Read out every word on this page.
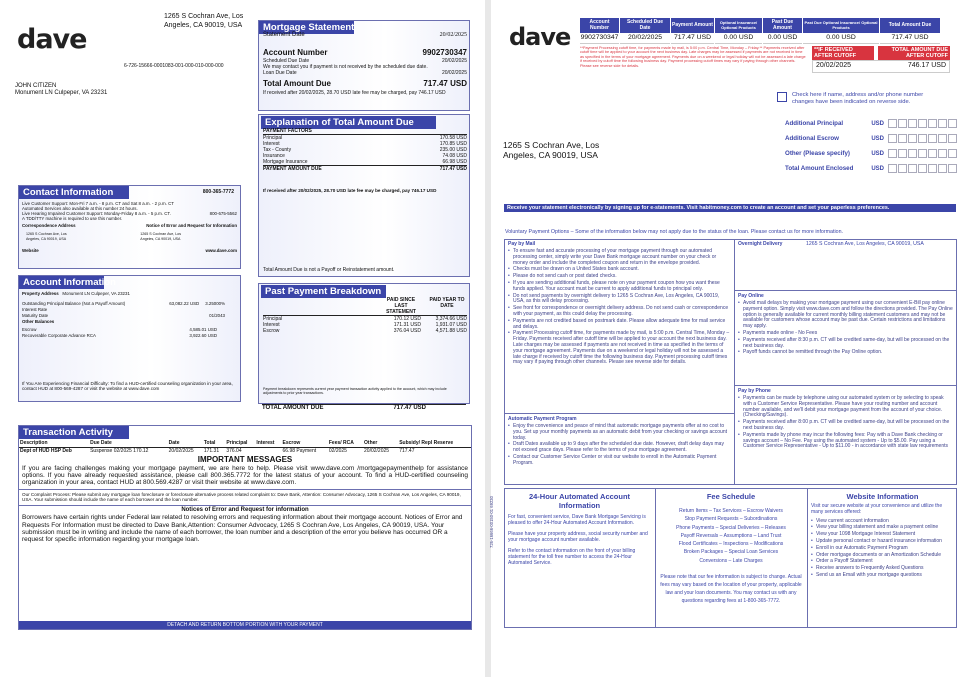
dave
1265 S Cochran Ave, Los
Angeles, CA 90019, USA
6-726-15666-0001083-001-000-010-000-000
JOHN CITIZEN
Monument LN Culpeper, VA 23231
Mortgage Statement
Statement Date	20/02/2025
Account Number	9902730347
Scheduled Due Date	20/02/2025
We may contact you if payment is not received by the scheduled due date.
Loan Due Date	20/02/2025
Total Amount Due	717.47 USD
If received after 20/02/2025, 28.70 USD late fee may be charged, pay 746.17 USD
Explanation of Total Amount Due
PAYMENT FACTORS
Principal	170.58 USD
Interest	170.85 USD
Tax - County	235.00 USD
Insurance	74.08 USD
Mortgage Insurance	66.98 USD
PAYMENT AMOUNT DUE	717.47 USD
If received after 20/02/2025, 28.70 USD late fee may be charged, pay 746.17 USD
Total Amount Due is not a Payoff or Reinstatement amount.
Contact Information	800-365-7772
Live Customer Support: Mon-Fri 7 a.m. - 8 p.m. CT and Sat 8 a.m. - 2 p.m. CT
Automated Services also available at this number 24 hours.
Live Hearing Impaired Customer Support: Monday-Friday 8 a.m. - 5 p.m. CT.	800-675-5562
A TDD/TTY machine is required to use this number.
Correspondence Address	Notice of Error and Request for Information
1265 S Cochran Ave, Los
Angeles, CA 90019, USA
1265 S Cochran Ave, Los
Angeles, CA 90019, USA
Website	www.dave.com
Account Information
Property Address Monument LN Culpeper, VA 23231
Outstanding Principal Balance (Not a Payoff Amount)	63,082.22 USD 3.25000%
Interest Rate
Maturity Date	01/2043
Other Balances
Escrow	4,585.01 USD
Recoverable Corporate Advance RCA	3,922.60 USD
If You Are Experiencing Financial Difficulty: To find a HUD-certified counseling organization in your area, contact HUD at 800-569-4287 or visit the website at www.dave.com
Past Payment Breakdown
PAID SINCE LAST STATEMENT
PAID YEAR TO DATE
Principal	170.12 USD	3,374.66 USD
Interest	171.31 USD	1,931.07 USD
Escrow	376.04 USD	4,571.88 USD
Payment breakdown represents current year payment transaction activity applied to the account, which may include adjustments to prior year transactions.
TOTAL AMOUNT DUE	717.47 USD
Transaction Activity
Description	Due Date	Date	Total	Principal	Interest	Escrow	Fees/ RCA	Other	Subsidy/ Repl Reserve
Dept of HUD HSP Deb	Suspense 02/2025 170.12	20/02/2025	171.31	376.04		66.98 Payment	02/2025	20/02/2025	717.47
IMPORTANT MESSAGES
If you are facing challenges making your mortgage payment, we are here to help. Please visit www.dave.com /mortgagepaymenthelp for assistance options. If you have already requested assistance, please call 800.365.7772 for the latest status of your account. To find a HUD-certified counseling organization in your area, contact HUD at 800.569.4287 or visit their website at www.dave.com.
Our Complaint Process: Please submit any mortgage loan foreclosure or foreclosure alternative process related complaint to: Dave Bank, Attention: Consumer Advocacy, 1265 S Cochran Ave, Los Angeles, CA 90019, USA. Your submission should include the name of each borrower and the loan number.
Notices of Error and Request for information
Borrowers have certain rights under Federal law related to resolving errors and requesting information about their mortgage account. Notices of Error and Requests For Information must be directed to Dave Bank,Attention: Consumer Advocacy, 1265 S Cochran Ave, Los Angeles, CA 90019, USA. Your submission must be in writing and include the name of each borrower, the loan number and a description of the error you believe has occurred OR a request for specific information regarding your mortgage loan.
DETACH AND RETURN BOTTOM PORTION WITH YOUR PAYMENT
dave
Account Number
Scheduled Due Date	Payment Amount	Optional Insurance/ Optional Products
Past Due Amount
Past Due Optional Insurance/ Optional Products	Total Amount Due
9902730347	20/02/2025	717.47 USD	0.00 USD	0.00 USD	0.00 USD	717.47 USD
**Payment Processing cutoff time, for payments made by mail, is 5:00 p.m. Central Time, Monday – Friday.** Payments received after cutoff time will be applied to your account the next business day. Late charges may be assessed if payments are not received in time as specified in the terms of your mortgage agreement. Payments due on a weekend or legal holiday will not be assessed a late charge if received by cutoff time the following business day. Payment processing cutoff times may vary if paying through other channels. Please see reverse side for details.
**IF RECEIVED AFTER CUTOFF
TOTAL AMOUNT DUE AFTER CUTOFF
20/02/2025	746.17 USD
Check here if name, address and/or phone number changes have been indicated on reverse side.
Additional Principal	USD
Additional Escrow	USD
Other (Please specify)	USD
Total Amount Enclosed	USD
1265 S Cochran Ave, Los
Angeles, CA 90019, USA
726-16666-00150-01 69230
Receive your statement electronically by signing up for e-statements. Visit habitmoney.com to create an account and set your paperless preferences.
Voluntary Payment Options – Some of the information below may not apply due to the status of the loan. Please contact us for more information.
Pay by Mail
• To ensure fast and accurate processing of your mortgage payment through our automated processing center, simply write your Dave Bank mortgage account number on your check or money order and include the completed coupon and return in the envelope provided.
• Checks must be drawn on a United States bank account.
• Please do not send cash or post dated checks.
• If you are sending additional funds, please note on your payment coupon how you want these funds applied. Your account must be current to apply additional funds to principal only.
• Do not send payments by overnight delivery to 1265 S Cochran Ave, Los Angeles, CA 90019, USA, as this will delay processing.
• See front for correspondence or overnight delivery address. Do not send cash or correspondence with your payment, as this could delay the processing.
• Payments are not credited based on postmark date. Please allow adequate time for mail service and delays.
• Payment Processing cutoff time, for payments made by mail, is 5:00 p.m. Central Time, Monday – Friday. Payments received after cutoff time will be applied to your account the next business day. Late charges may be assessed if payments are not received in time as specified in the terms of your mortgage agreement. Payments due on a weekend or legal holiday will not be assessed a late charge if received by cutoff time the following business day. Payment processing cutoff times may vary if paying through other channels. Please see reverse side for details.
Overnight Delivery	1265 S Cochran Ave, Los Angeles, CA 90019, USA
Pay Online
• Avoid mail delays by making your mortgage payment using our convenient E-Bill pay online payment option. Simply visit www.dave.com and follow the directions provided. The Pay Online option is generally available for current monthly billing statement customers and may not be available for customers whose account may be past due. Certain restrictions and limitations may apply.
• Payments made online - No Fees
• Payments received after 8:30 p.m. CT will be credited same-day, but will be processed on the next business day.
• Payoff funds cannot be remitted through the Pay Online option.
Pay by Phone
• Payments can be made by telephone using our automated system or by selecting to speak with a Customer Service Representative. Please have your routing number and account number available, and we'll debit your mortgage payment from the account of your choice. (Checking/Savings).
• Payments received after 8:00 p.m. CT will be credited same-day, but will be processed on the next business day.
• Payments made by phone may incur the following fees: Pay with a Dave Bank checking or savings account – No Fee. Pay using the automated system - Up to $5.00. Pay using a Customer Service Representative - Up to $11.00 - in accordance with state law requirements
Automatic Payment Program
• Enjoy the convenience and peace of mind that automatic mortgage payments offer at no cost to you. Set up your monthly payments as an automatic debit from your checking or savings account today.
• Draft Dates available up to 9 days after the scheduled due date. However, draft delay days may not exceed grace days. Please refer to the terms of your mortgage agreement.
• Contact our Customer Service Center or visit our website to enroll in the Automatic Payment Program.
24-Hour Automated Account Information
For fast, convenient service, Dave Bank Mortgage Servicing is pleased to offer 24-Hour Automated Account Information.
Please have your property address, social security number and your mortgage account number available.
Refer to the contact information on the front of your billing statement for the toll free number to access the 24-Hour Automated Service.
Fee Schedule
Return Items – Tax Services – Escrow Waivers
Stop Payment Requests – Subordinations
Phone Payments – Special Deliveries – Releases
Payoff Reversals – Assumptions – Land Trust
Flood Certificates – Inspections – Modifications
Broken Packages – Special Loan Services
Conversions – Late Charges
Please note that our fee information is subject to change. Actual fees may vary based on the location of your property, applicable law and your loan documents. You may contact us with any questions regarding fees at 1-800-365-7772.
Website Information
Visit our secure website at your convenience and utilize the many services offered:
• View current account information
• View your billing statement and make a payment online
• View your 1098 Mortgage Interest Statement
• Update personal contact or hazard insurance information
• Enroll in our Automatic Payment Program
• Order mortgage documents or an Amortization Schedule
• Order a Payoff Statement
• Receive answers to Frequently Asked Questions
• Send us an Email with your mortgage questions
